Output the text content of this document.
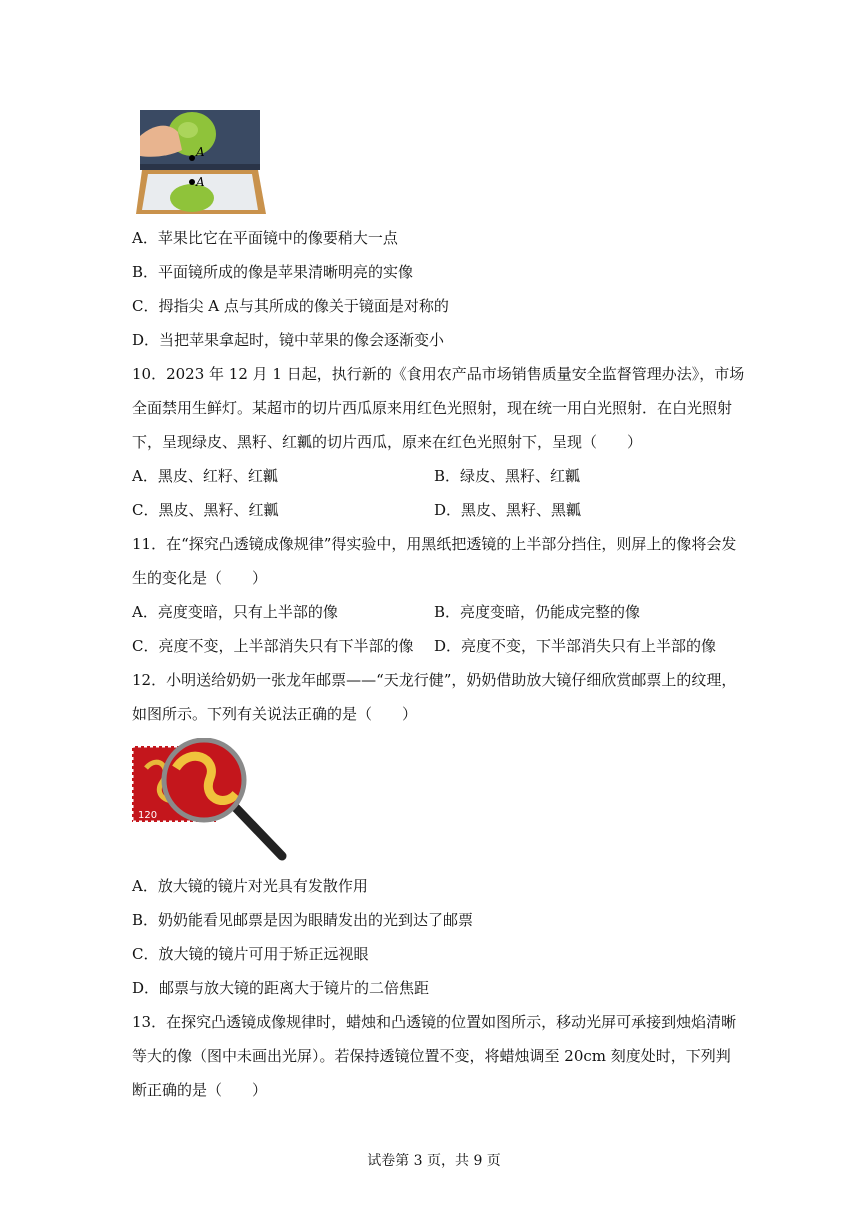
A
A
A．苹果比它在平面镜中的像要稍大一点
B．平面镜所成的像是苹果清晰明亮的实像
C．拇指尖 A 点与其所成的像关于镜面是对称的
D．当把苹果拿起时，镜中苹果的像会逐渐变小
10．2023 年 12 月 1 日起，执行新的《食用农产品市场销售质量安全监督管理办法》，市场
全面禁用生鲜灯。某超市的切片西瓜原来用红色光照射，现在统一用白光照射．在白光照射
下，呈现绿皮、黑籽、红瓤的切片西瓜，原来在红色光照射下，呈现（　　）
A．黑皮、红籽、红瓤	B．绿皮、黑籽、红瓤
C．黑皮、黑籽、红瓤	D．黑皮、黑籽、黑瓤
11．在“探究凸透镜成像规律”得实验中，用黑纸把透镜的上半部分挡住，则屏上的像将会发
生的变化是（　　）
A．亮度变暗，只有上半部的像	B．亮度变暗，仍能成完整的像
C．亮度不变，上半部消失只有下半部的像 D．亮度不变，下半部消失只有上半部的像
12．小明送给奶奶一张龙年邮票——“天龙行健”，奶奶借助放大镜仔细欣赏邮票上的纹理，
如图所示。下列有关说法正确的是（　　）
120
A．放大镜的镜片对光具有发散作用
B．奶奶能看见邮票是因为眼睛发出的光到达了邮票
C．放大镜的镜片可用于矫正远视眼
D．邮票与放大镜的距离大于镜片的二倍焦距
13．在探究凸透镜成像规律时，蜡烛和凸透镜的位置如图所示，移动光屏可承接到烛焰清晰
等大的像（图中未画出光屏）。若保持透镜位置不变，将蜡烛调至 20cm 刻度处时，下列判
断正确的是（　　）
试卷第 3 页，共 9 页
